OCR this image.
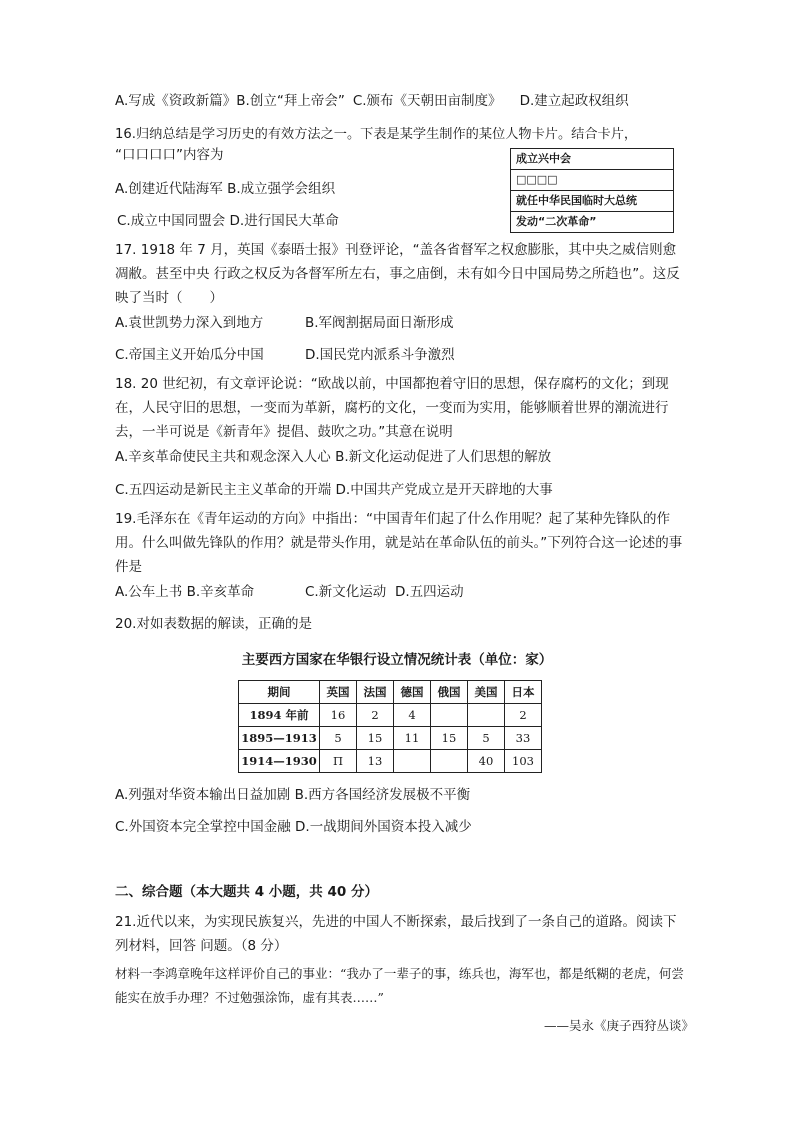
A.写成《资政新篇》B.创立“拜上帝会” C.颁布《天朝田亩制度》 D.建立起政权组织
16.归纳总结是学习历史的有效方法之一。下表是某学生制作的某位人物卡片。结合卡片，
“口口口口”内容为
A.创建近代陆海军 B.成立强学会组织
C.成立中国同盟会 D.进行国民大革命
成立兴中会
□□□□
就任中华民国临时大总统
发动“二次革命”

17. 1918 年 7 月，英国《泰晤士报》刊登评论，“盖各省督军之权愈膨胀，其中央之威信则愈凋敝。甚至中央 行政之权反为各督军所左右，事之庙倒，未有如今日中国局势之所趋也”。这反映了当时（　　）

A.袁世凯势力深入到地方	B.军阀割据局面日渐形成
C.帝国主义开始瓜分中国	D.国民党内派系斗争激烈

18. 20 世纪初，有文章评论说：“欧战以前，中国都抱着守旧的思想，保存腐朽的文化；到现在，人民守旧的思想，一变而为革新，腐朽的文化，一变而为实用，能够顺着世界的潮流进行去，一半可说是《新青年》提倡、鼓吹之功。”其意在说明

A.辛亥革命使民主共和观念深入人心 B.新文化运动促进了人们思想的解放
C.五四运动是新民主主义革命的开端 D.中国共产党成立是开天辟地的大事

19.毛泽东在《青年运动的方向》中指出：“中国青年们起了什么作用呢？起了某种先锋队的作用。什么叫做先锋队的作用？就是带头作用，就是站在革命队伍的前头。”下列符合这一论述的事件是

A.公车上书 B.辛亥革命	C.新文化运动 D.五四运动
20.对如表数据的解读，正确的是
主要西方国家在华银行设立情况统计表（单位：家）
期间	英国	法国	德国	俄国	美国	日本
1894 年前	16	2	4			2
1895—1913	5	15	11	15	5	33
1914—1930	П	13			40	103
A.列强对华资本输出日益加剧 B.西方各国经济发展极不平衡
C.外国资本完全掌控中国金融 D.一战期间外国资本投入减少
二、综合题（本大题共 4 小题，共 40 分）

21.近代以来，为实现民族复兴，先进的中国人不断探索，最后找到了一条自己的道路。阅读下列材料，回答 问题。（8 分）

材料一李鸿章晚年这样评价自己的事业：“我办了一辈子的事，练兵也，海军也，都是纸糊的老虎，何尝能实在放手办理？不过勉强涂饰，虚有其表……”
——吴永《庚子西狩丛谈》
